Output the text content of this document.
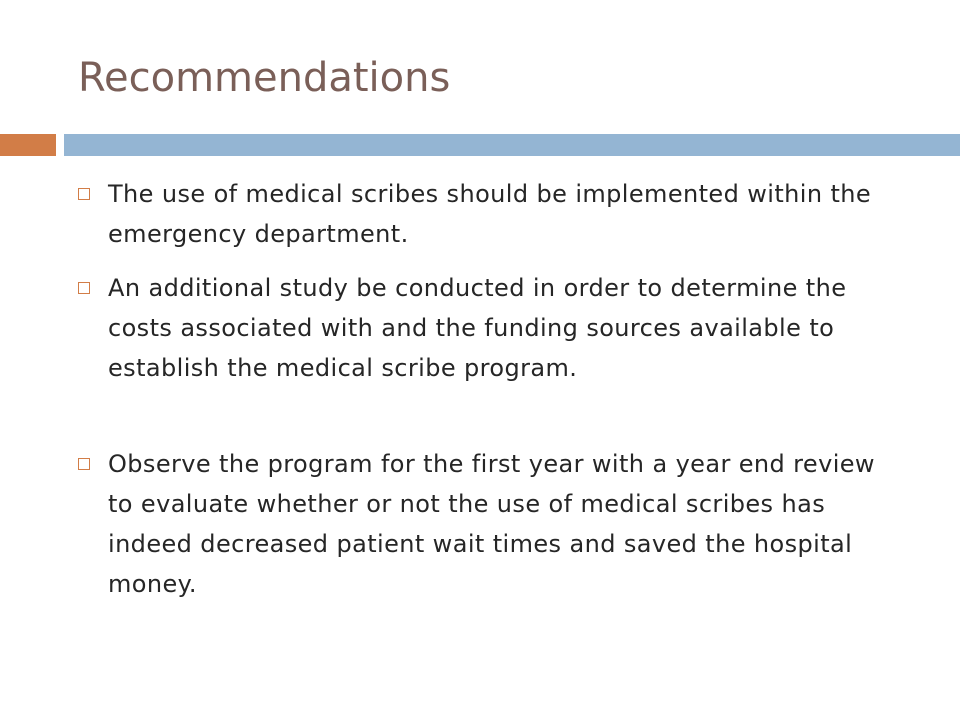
Recommendations
The use of medical scribes should be implemented within the emergency department.
An additional study be conducted in order to determine the costs associated with and the funding sources available to establish the medical scribe program.
Observe the program for the first year with a year end review to evaluate whether or not the use of medical scribes has indeed decreased patient wait times and saved the hospital money.
